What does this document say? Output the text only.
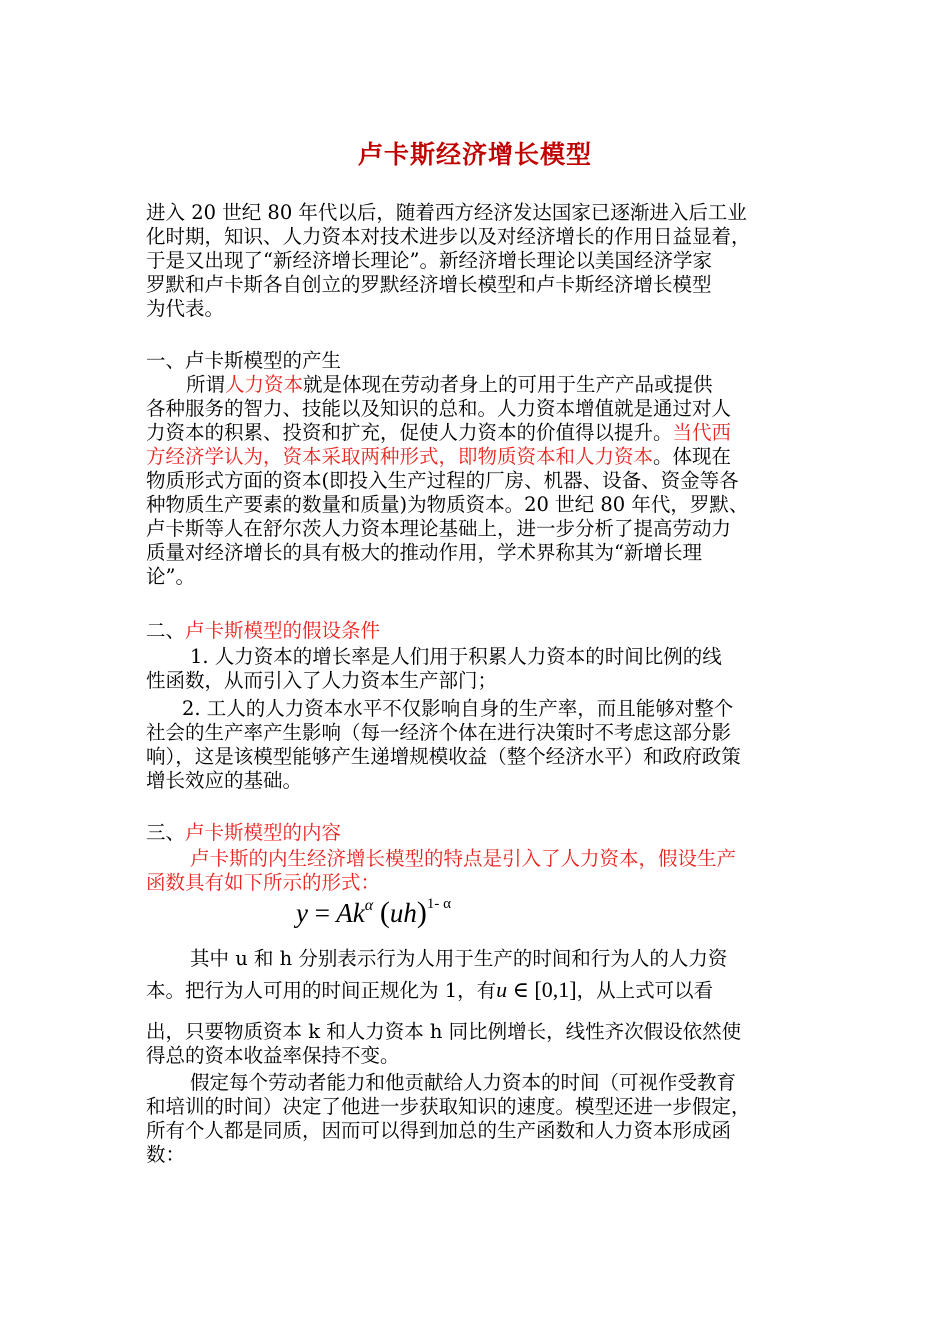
卢卡斯经济增长模型
进入 20 世纪 80 年代以后，随着西方经济发达国家已逐渐进入后工业
化时期，知识、人力资本对技术进步以及对经济增长的作用日益显着，
于是又出现了“新经济增长理论”。新经济增长理论以美国经济学家
罗默和卢卡斯各自创立的罗默经济增长模型和卢卡斯经济增长模型
为代表。
一、卢卡斯模型的产生
所谓人力资本就是体现在劳动者身上的可用于生产产品或提供
各种服务的智力、技能以及知识的总和。人力资本增值就是通过对人
力资本的积累、投资和扩充，促使人力资本的价值得以提升。当代西
方经济学认为，资本采取两种形式，即物质资本和人力资本。体现在
物质形式方面的资本(即投入生产过程的厂房、机器、设备、资金等各
种物质生产要素的数量和质量)为物质资本。20 世纪 80 年代，罗默、
卢卡斯等人在舒尔茨人力资本理论基础上，进一步分析了提高劳动力
质量对经济增长的具有极大的推动作用，学术界称其为“新增长理
论”。
二、卢卡斯模型的假设条件
1. 人力资本的增长率是人们用于积累人力资本的时间比例的线
性函数，从而引入了人力资本生产部门；
2. 工人的人力资本水平不仅影响自身的生产率，而且能够对整个
社会的生产率产生影响（每一经济个体在进行决策时不考虑这部分影
响），这是该模型能够产生递增规模收益（整个经济水平）和政府政策
增长效应的基础。
三、卢卡斯模型的内容
卢卡斯的内生经济增长模型的特点是引入了人力资本，假设生产
函数具有如下所示的形式：
$y = Ak^\alpha$ (uh)$^{1- \alpha}$
其中 u 和 h 分别表示行为人用于生产的时间和行为人的人力资
本。把行为人可用的时间正规化为 1，有u ∈ [0,1]，从上式可以看
出，只要物质资本 k 和人力资本 h 同比例增长，线性齐次假设依然使
得总的资本收益率保持不变。
假定每个劳动者能力和他贡献给人力资本的时间（可视作受教育
和培训的时间）决定了他进一步获取知识的速度。模型还进一步假定，
所有个人都是同质，因而可以得到加总的生产函数和人力资本形成函
数：
